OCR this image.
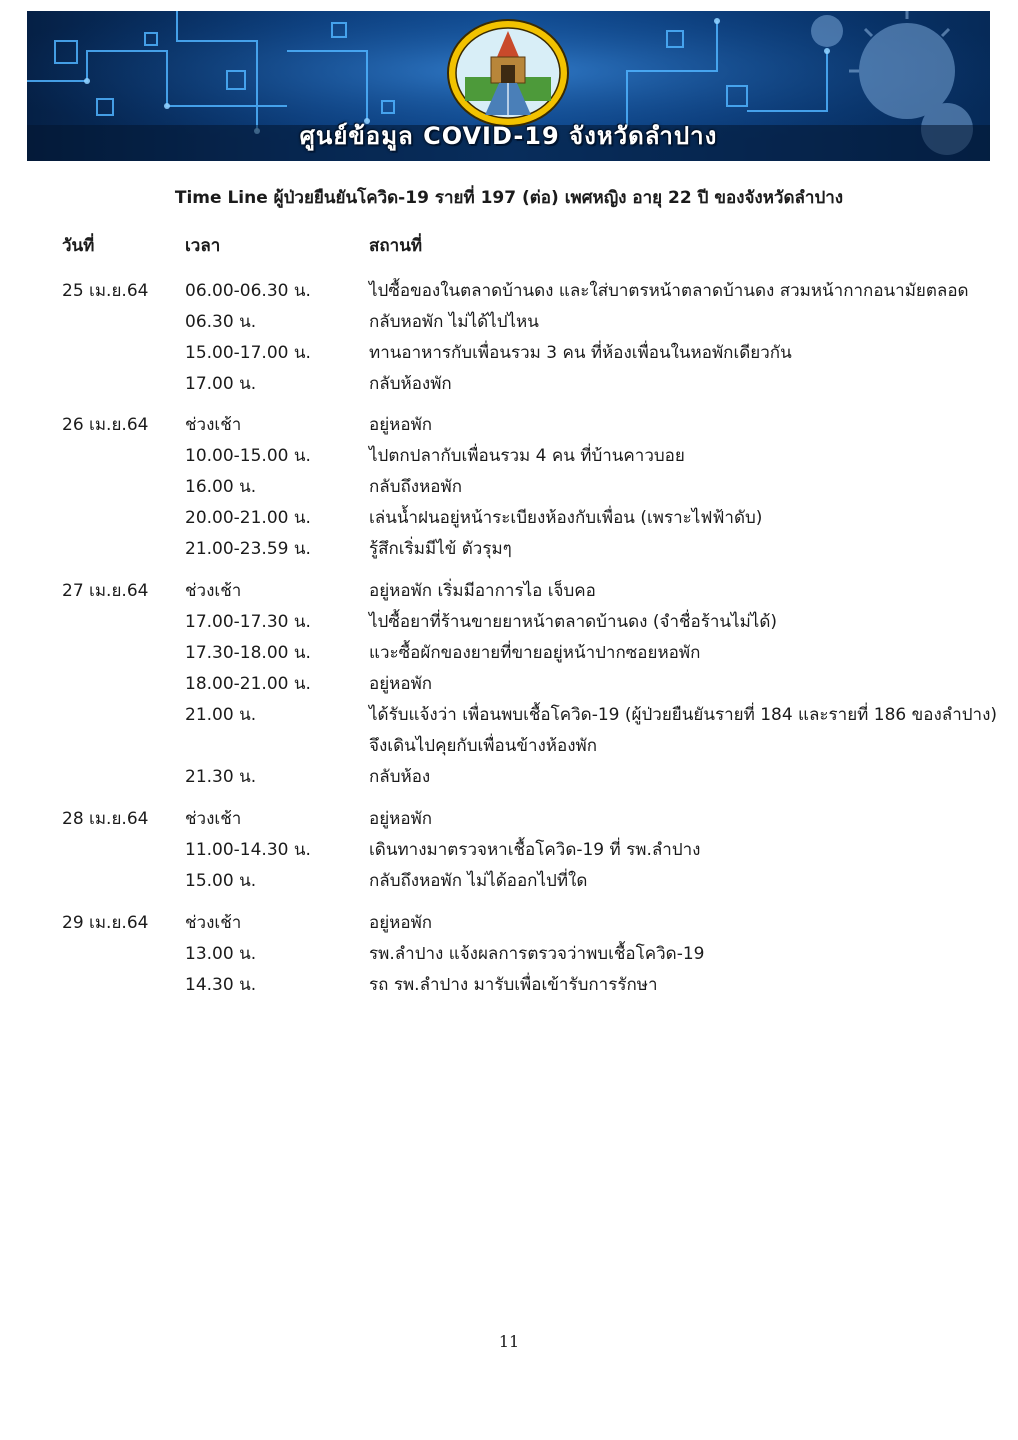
ศูนย์ข้อมูล COVID-19 จังหวัดลำปาง
Time Line ผู้ป่วยยืนยันโควิด-19 รายที่ 197 (ต่อ) เพศหญิง อายุ 22 ปี ของจังหวัดลำปาง
วันที่	เวลา	สถานที่
25 เม.ย.64 06.00-06.30 น.	ไปซื้อของในตลาดบ้านดง และใส่บาตรหน้าตลาดบ้านดง สวมหน้ากากอนามัยตลอด
06.30 น.	กลับหอพัก ไม่ได้ไปไหน
15.00-17.00 น.	ทานอาหารกับเพื่อนรวม 3 คน ที่ห้องเพื่อนในหอพักเดียวกัน
17.00 น.	กลับห้องพัก
26 เม.ย.64 ช่วงเช้า	อยู่หอพัก
10.00-15.00 น.	ไปตกปลากับเพื่อนรวม 4 คน ที่บ้านคาวบอย
16.00 น.	กลับถึงหอพัก
20.00-21.00 น.	เล่นน้ำฝนอยู่หน้าระเบียงห้องกับเพื่อน (เพราะไฟฟ้าดับ)
21.00-23.59 น.	รู้สึกเริ่มมีไข้ ตัวรุมๆ
27 เม.ย.64 ช่วงเช้า	อยู่หอพัก เริ่มมีอาการไอ เจ็บคอ
17.00-17.30 น.	ไปซื้อยาที่ร้านขายยาหน้าตลาดบ้านดง (จำชื่อร้านไม่ได้)
17.30-18.00 น.	แวะซื้อผักของยายที่ขายอยู่หน้าปากซอยหอพัก
18.00-21.00 น.	อยู่หอพัก
21.00 น.	ได้รับแจ้งว่า เพื่อนพบเชื้อโควิด-19 (ผู้ป่วยยืนยันรายที่ 184 และรายที่ 186 ของลำปาง)
จึงเดินไปคุยกับเพื่อนข้างห้องพัก
21.30 น.	กลับห้อง
28 เม.ย.64 ช่วงเช้า	อยู่หอพัก
11.00-14.30 น.	เดินทางมาตรวจหาเชื้อโควิด-19 ที่ รพ.ลำปาง
15.00 น.	กลับถึงหอพัก ไม่ได้ออกไปที่ใด
29 เม.ย.64 ช่วงเช้า	อยู่หอพัก
13.00 น.	รพ.ลำปาง แจ้งผลการตรวจว่าพบเชื้อโควิด-19
14.30 น.	รถ รพ.ลำปาง มารับเพื่อเข้ารับการรักษา
11
